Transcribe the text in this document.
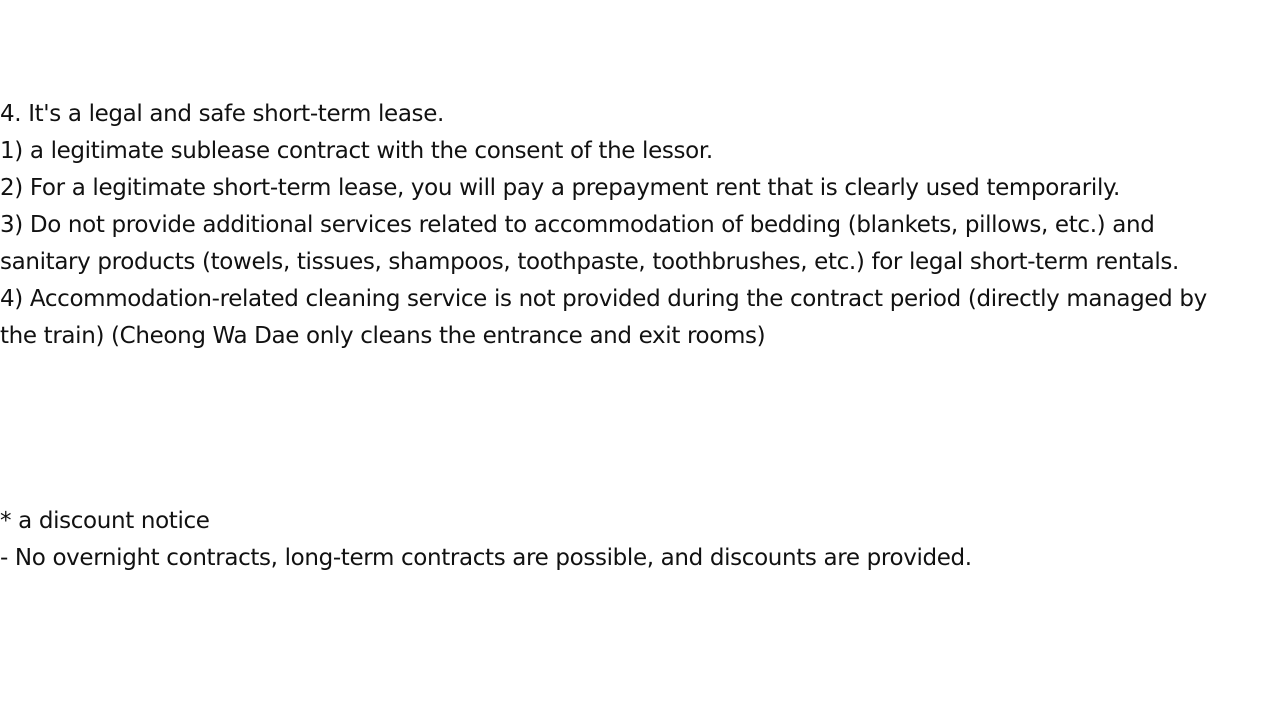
4. It's a legal and safe short-term lease.
1) a legitimate sublease contract with the consent of the lessor.
2) For a legitimate short-term lease, you will pay a prepayment rent that is clearly used temporarily.
3) Do not provide additional services related to accommodation of bedding (blankets, pillows, etc.) and
sanitary products (towels, tissues, shampoos, toothpaste, toothbrushes, etc.) for legal short-term rentals.
4) Accommodation-related cleaning service is not provided during the contract period (directly managed by
the train) (Cheong Wa Dae only cleans the entrance and exit rooms)
* a discount notice
- No overnight contracts, long-term contracts are possible, and discounts are provided.
